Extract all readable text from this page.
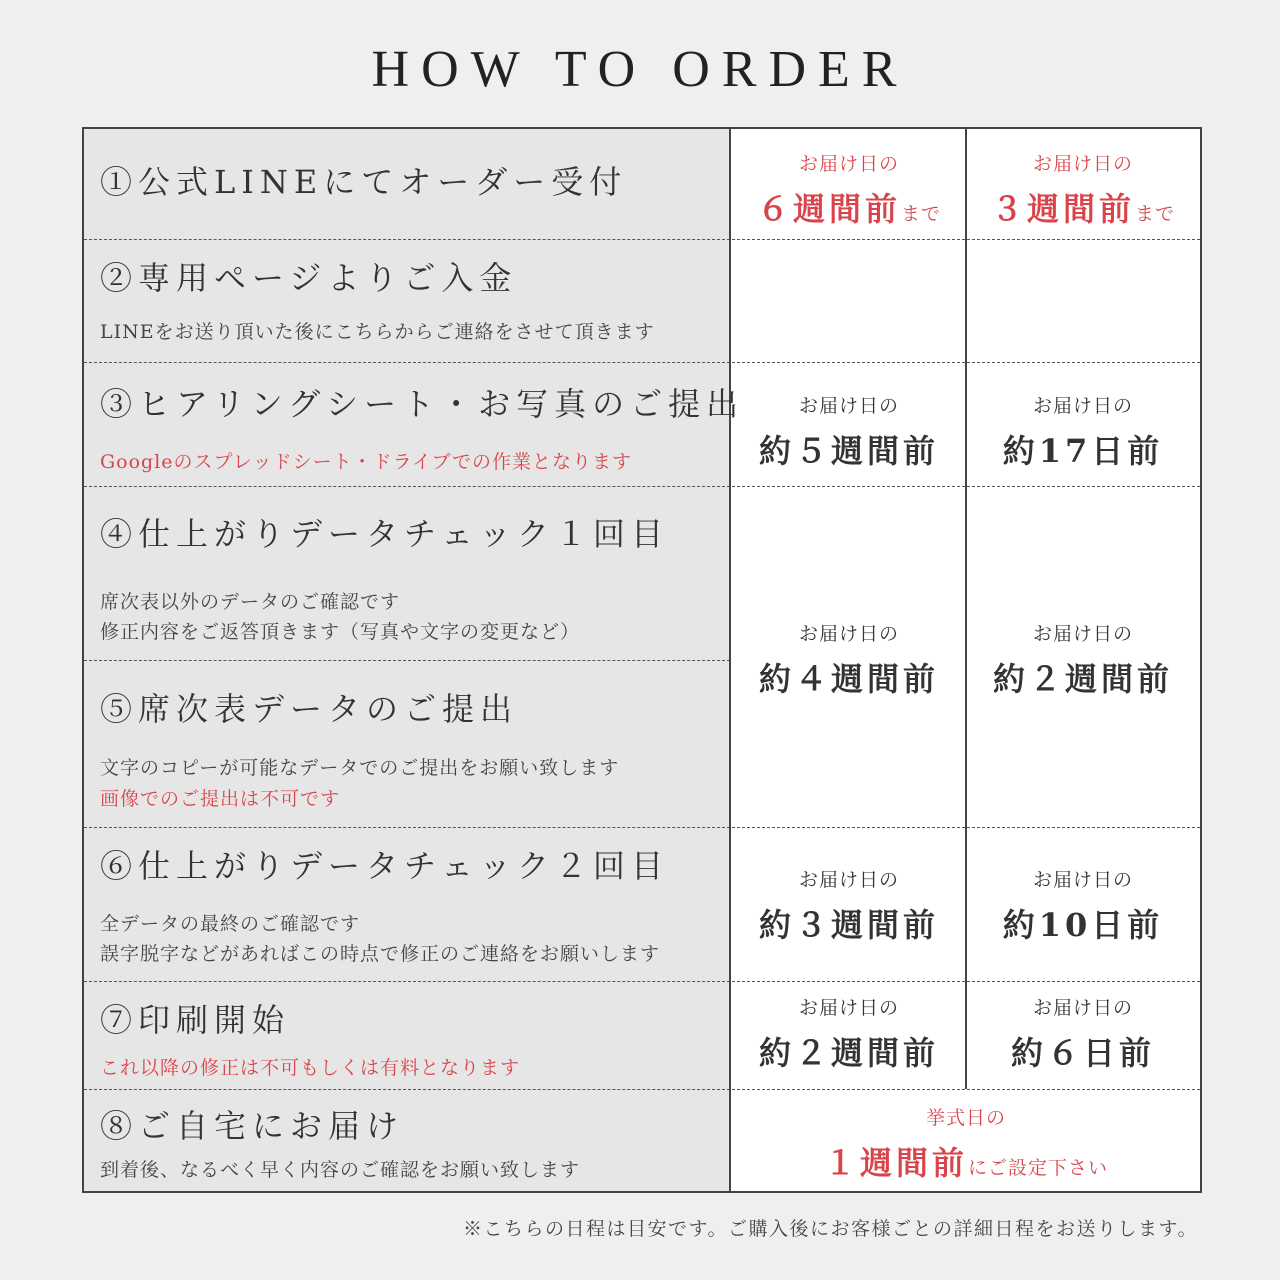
HOW TO ORDER
①公式LINEにてオーダー受付
②専用ページよりご入金
LINEをお送り頂いた後にこちらからご連絡をさせて頂きます
③ヒアリングシート・お写真のご提出
Googleのスプレッドシート・ドライブでの作業となります
④仕上がりデータチェック１回目
席次表以外のデータのご確認です
修正内容をご返答頂きます（写真や文字の変更など）
⑤席次表データのご提出
文字のコピーが可能なデータでのご提出をお願い致します
画像でのご提出は不可です
⑥仕上がりデータチェック２回目
全データの最終のご確認です
誤字脱字などがあればこの時点で修正のご連絡をお願いします
⑦印刷開始
これ以降の修正は不可もしくは有料となります
⑧ご自宅にお届け
到着後、なるべく早く内容のご確認をお願い致します
お届け日の
６週間前まで
お届け日の
３週間前まで
お届け日の
約５週間前
お届け日の
約17日前
お届け日の
約４週間前
お届け日の
約２週間前
お届け日の
約３週間前
お届け日の
約10日前
お届け日の
約２週間前
お届け日の
約６日前
挙式日の
１週間前にご設定下さい
※こちらの日程は目安です。ご購入後にお客様ごとの詳細日程をお送りします。
